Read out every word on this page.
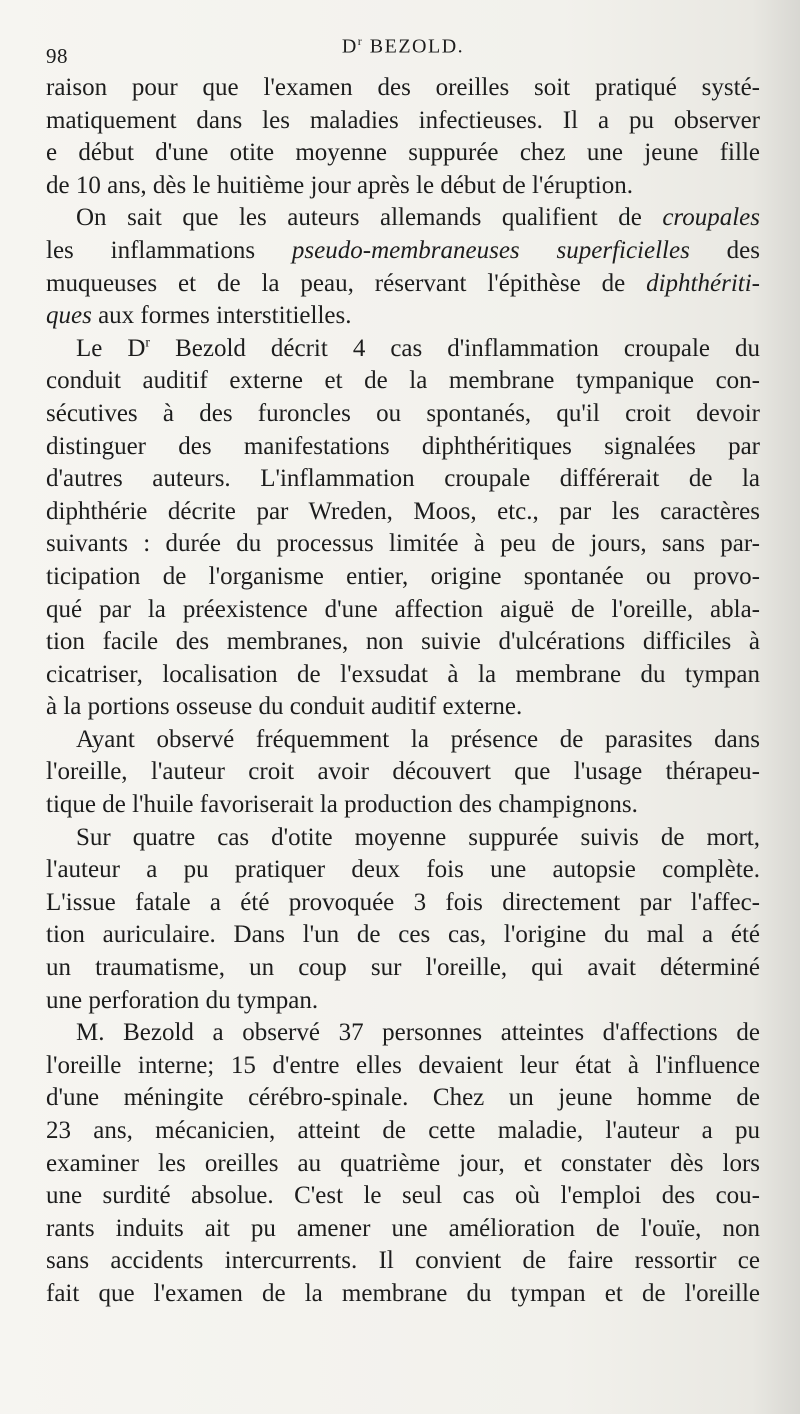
98	$D^r$ BEZOLD.
raison pour que l'examen des oreilles soit pratiqué systé-
matiquement dans les maladies infectieuses. Il a pu observer
e début d'une otite moyenne suppurée chez une jeune fille
de 10 ans, dès le huitième jour après le début de l'éruption.
On sait que les auteurs allemands qualifient de croupales
les inflammations pseudo-membraneuses superficielles des
muqueuses et de la peau, réservant l'épithèse de diphthériti-
ques aux formes interstitielles.
Le $D^r$ Bezold décrit 4 cas d'inflammation croupale du
conduit auditif externe et de la membrane tympanique con-
sécutives à des furoncles ou spontanés, qu'il croit devoir
distinguer des manifestations diphthéritiques signalées par
d'autres auteurs. L'inflammation croupale différerait de la
diphthérie décrite par Wreden, Moos, etc., par les caractères
suivants : durée du processus limitée à peu de jours, sans par-
ticipation de l'organisme entier, origine spontanée ou provo-
qué par la préexistence d'une affection aiguë de l'oreille, abla-
tion facile des membranes, non suivie d'ulcérations difficiles à
cicatriser, localisation de l'exsudat à la membrane du tympan
à la portions osseuse du conduit auditif externe.
Ayant observé fréquemment la présence de parasites dans
l'oreille, l'auteur croit avoir découvert que l'usage thérapeu-
tique de l'huile favoriserait la production des champignons.
Sur quatre cas d'otite moyenne suppurée suivis de mort,
l'auteur a pu pratiquer deux fois une autopsie complète.
L'issue fatale a été provoquée 3 fois directement par l'affec-
tion auriculaire. Dans l'un de ces cas, l'origine du mal a été
un traumatisme, un coup sur l'oreille, qui avait déterminé
une perforation du tympan.
M. Bezold a observé 37 personnes atteintes d'affections de
l'oreille interne; 15 d'entre elles devaient leur état à l'influence
d'une méningite cérébro-spinale. Chez un jeune homme de
23 ans, mécanicien, atteint de cette maladie, l'auteur a pu
examiner les oreilles au quatrième jour, et constater dès lors
une surdité absolue. C'est le seul cas où l'emploi des cou-
rants induits ait pu amener une amélioration de l'ouïe, non
sans accidents intercurrents. Il convient de faire ressortir ce
fait que l'examen de la membrane du tympan et de l'oreille
